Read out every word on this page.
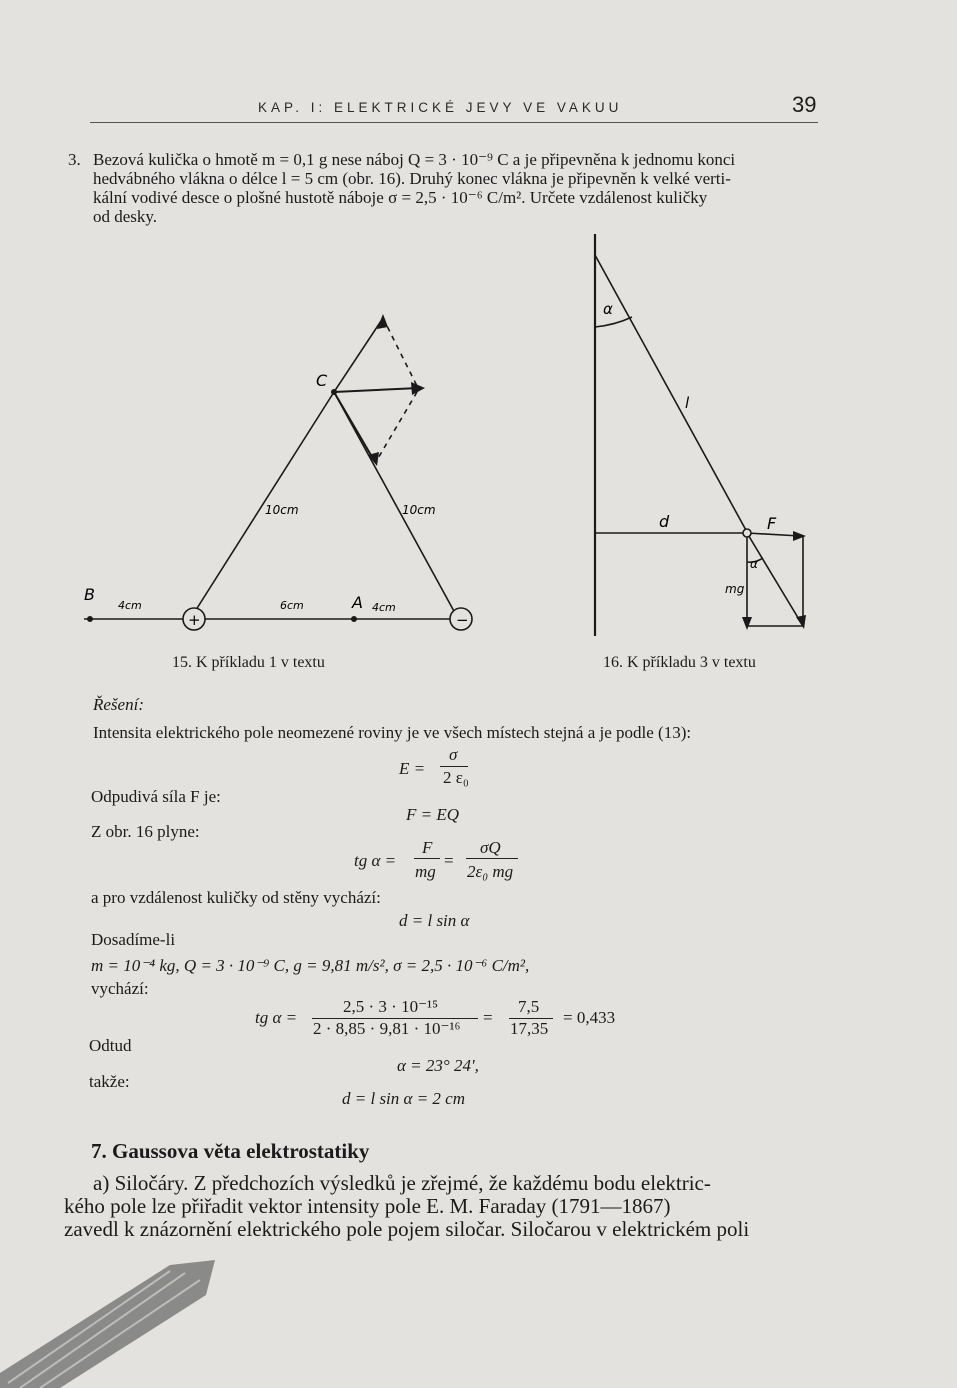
KAP. I: ELEKTRICKÉ JEVY VE VAKUU	39
3. Bezová kulička o hmotě m = 0,1 g nese náboj Q = 3 · 10⁻⁹ C a je připevněna k jednomu konci
hedvábného vlákna o délce l = 5 cm (obr. 16). Druhý konec vlákna je připevněn k velké verti-
kální vodivé desce o plošné hustotě náboje σ = 2,5 · 10⁻⁶ C/m². Určete vzdálenost kuličky
od desky.
C
B	A
10cm	10cm
4cm	6cm	4cm
+	−
15. K příkladu 1 v textu
α
l
d	F
mg
α
16. K příkladu 3 v textu
Řešení:
Intensita elektrického pole neomezené roviny je ve všech místech stejná a je podle (13):
E =
σ
2 ε₀
Odpudivá síla F je:
F = EQ
Z obr. 16 plyne:
tg α =
F
mg
=
σQ
2ε₀ mg
a pro vzdálenost kuličky od stěny vychází:
d = l sin α
Dosadíme-li
m = 10⁻⁴ kg, Q = 3 · 10⁻⁹ C, g = 9,81 m/s², σ = 2,5 · 10⁻⁶ C/m²,
vychází:
tg α =
2,5 · 3 · 10⁻¹⁵
2 · 8,85 · 9,81 · 10⁻¹⁶
=
7,5
17,35
= 0,433
Odtud
α = 23° 24′,
takže:
d = l sin α = 2 cm
7. Gaussova věta elektrostatiky
a) Siločáry. Z předchozích výsledků je zřejmé, že každému bodu elektric-
kého pole lze přiřadit vektor intensity pole E. M. Faraday (1791—1867)
zavedl k znázornění elektrického pole pojem siločar. Siločarou v elektrickém poli
